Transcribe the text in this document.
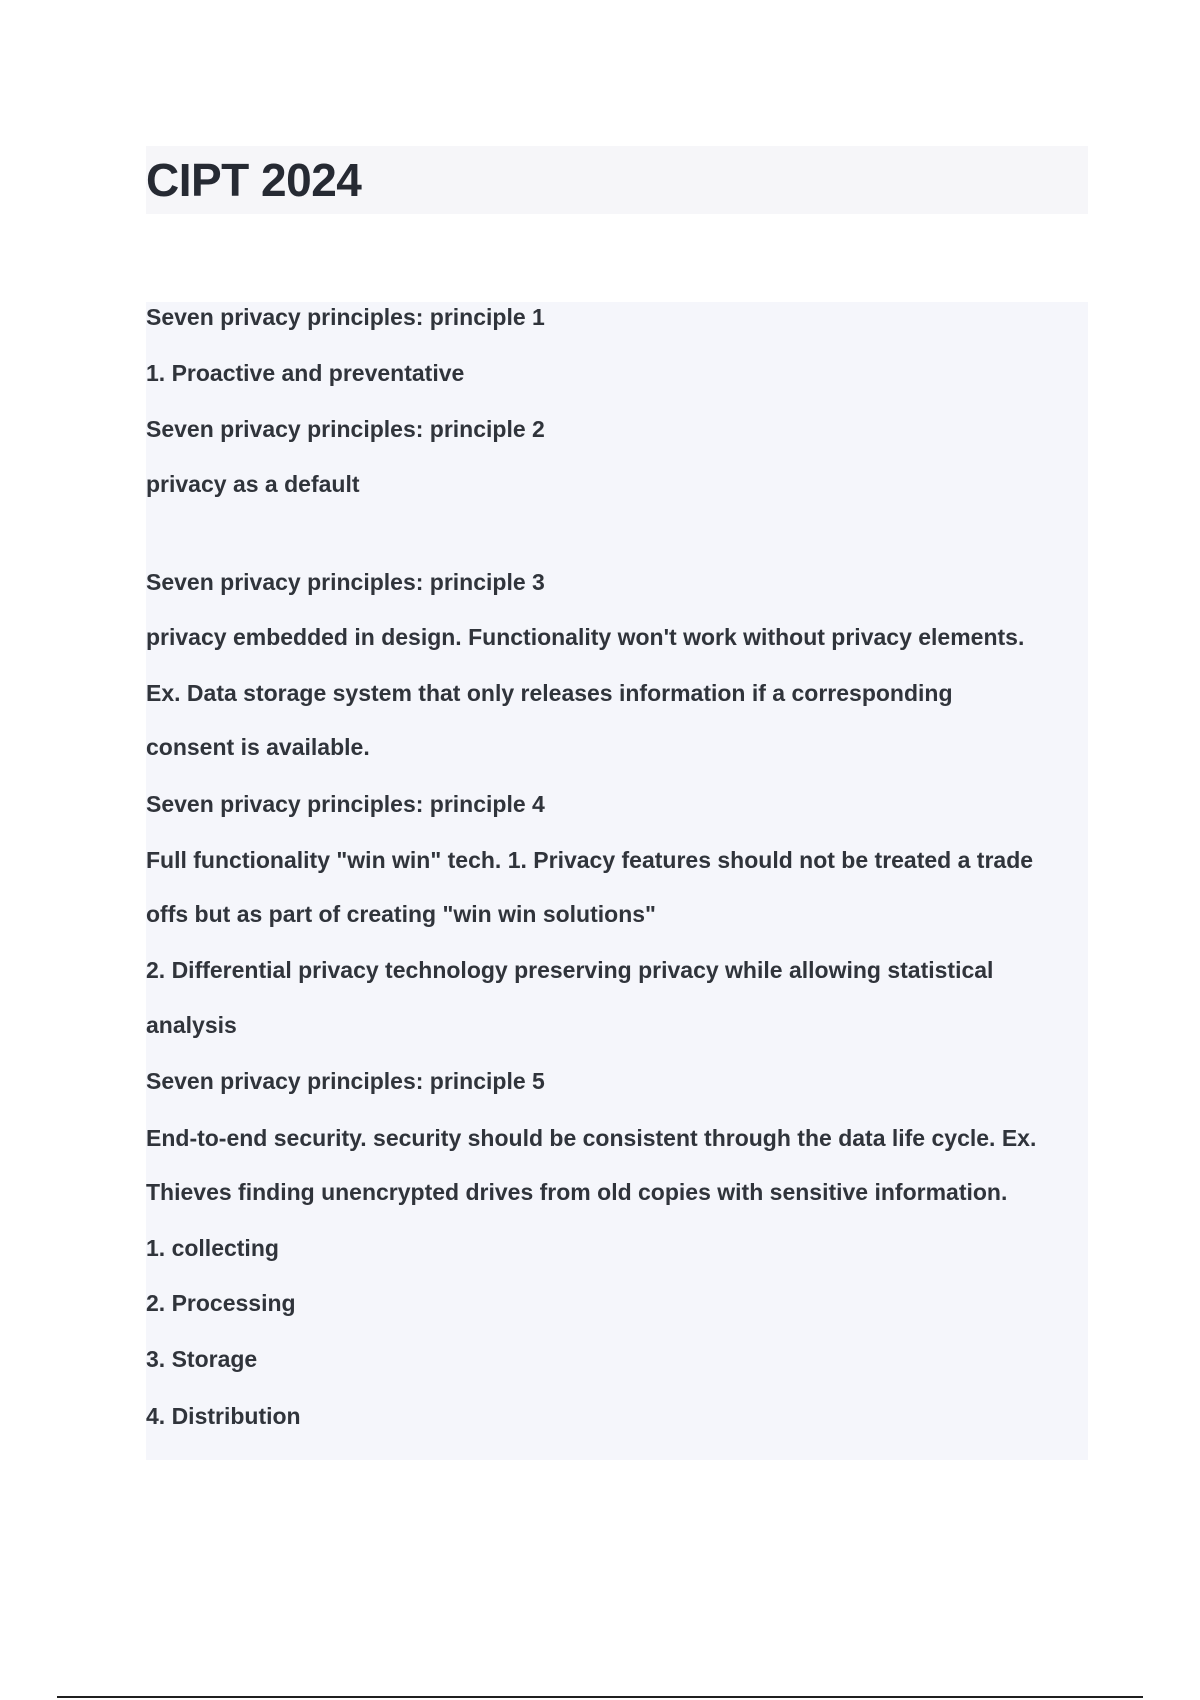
CIPT 2024

Seven privacy principles: principle 1

1. Proactive and preventative

Seven privacy principles: principle 2

privacy as a default

Seven privacy principles: principle 3

privacy embedded in design. Functionality won't work without privacy elements.

Ex. Data storage system that only releases information if a corresponding

consent is available.

Seven privacy principles: principle 4

Full functionality "win win" tech. 1. Privacy features should not be treated a trade

offs but as part of creating "win win solutions"

2. Differential privacy technology preserving privacy while allowing statistical

analysis

Seven privacy principles: principle 5

End-to-end security. security should be consistent through the data life cycle. Ex.

Thieves finding unencrypted drives from old copies with sensitive information.

1. collecting

2. Processing

3. Storage

4. Distribution
